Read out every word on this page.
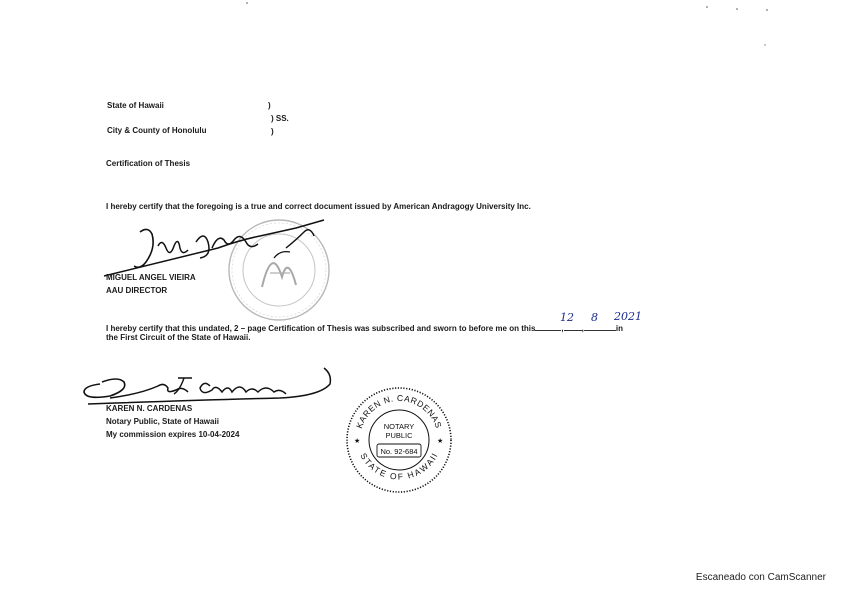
State of Hawaii	)
) SS.
City & County of Honolulu	)
Certification of Thesis
I hereby certify that the foregoing is a true and correct document issued by American Andragogy University Inc.
MIGUEL ANGEL VIEIRA
AAU DIRECTOR
I hereby certify that this undated, 2 – page Certification of Thesis was subscribed and sworn to before me on this	, ,	in
12 8 2021
the First Circuit of the State of Hawaii.
KAREN N. CARDENAS
Notary Public, State of Hawaii
My commission expires 10-04-2024
KAREN N. CARDENAS
STATE OF HAWAII
NOTARY
PUBLIC
No. 92-684
★	★
Escaneado con CamScanner
